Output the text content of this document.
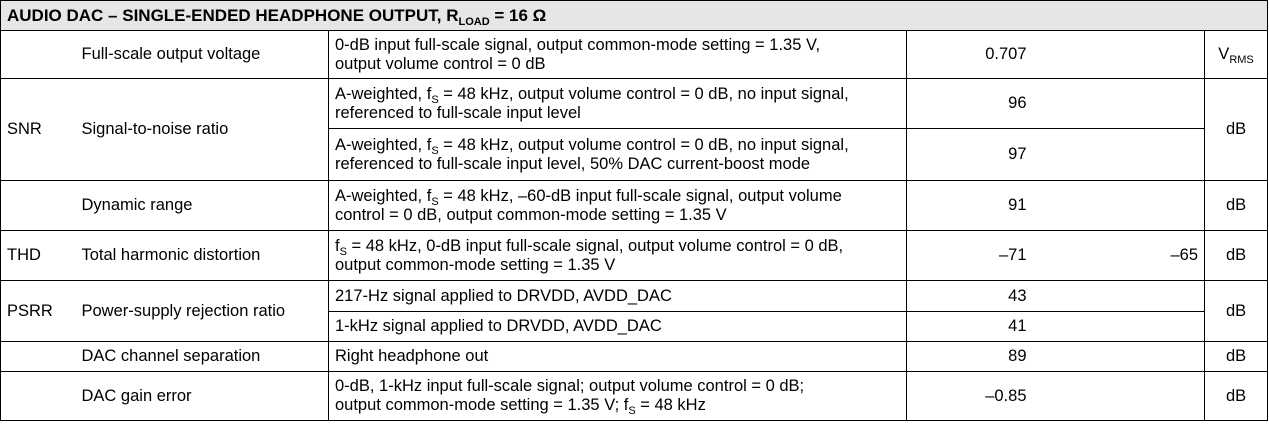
AUDIO DAC – SINGLE-ENDED HEADPHONE OUTPUT, $R_{LOAD} = 16$ Ω						
	Full-scale output voltage	0-dB input full-scale signal, output common-mode setting = 1.35 V,
output volume control = 0 dB		0.707		$V_{RMS}$
SNR	Signal-to-noise ratio	A-weighted, $f_S = 48$ kHz, output volume control = 0 dB, no input signal,
referenced to full-scale input level		96		dB
		A-weighted, $f_S = 48$ kHz, output volume control = 0 dB, no input signal,
referenced to full-scale input level, 50% DAC current-boost mode		97		
	Dynamic range	A-weighted, $f_S = 48$ kHz, –60-dB input full-scale signal, output volume
control = 0 dB, output common-mode setting = 1.35 V		91		dB
THD	Total harmonic distortion	$f_S = 48$ kHz, 0-dB input full-scale signal, output volume control = 0 dB,
output common-mode setting = 1.35 V		–71	–65	dB
PSRR	Power-supply rejection ratio	217-Hz signal applied to DRVDD, AVDD_DAC		43		dB
		1-kHz signal applied to DRVDD, AVDD_DAC		41		
	DAC channel separation	Right headphone out		89		dB
	DAC gain error	0-dB, 1-kHz input full-scale signal; output volume control = 0 dB;
output common-mode setting = 1.35 V; $f_S = 48$ kHz		–0.85		dB
